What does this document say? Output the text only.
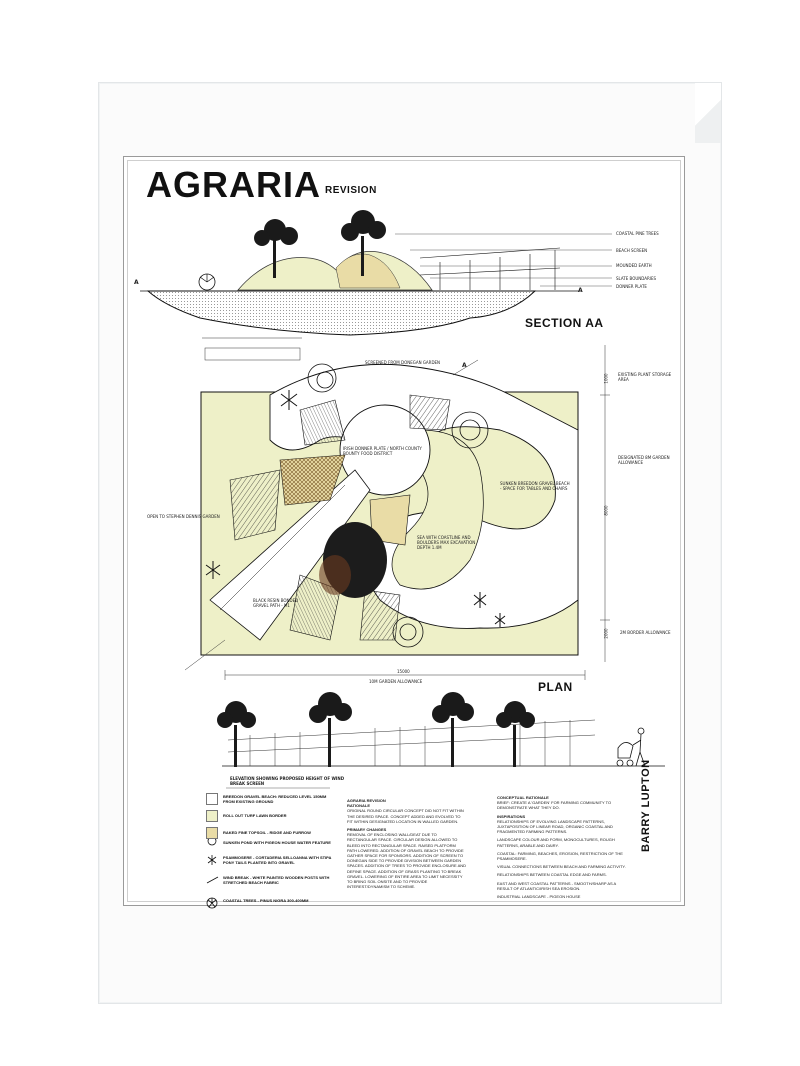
AGRARIA REVISION
A
A
COASTAL PINE TREES
BEACH SCREEN
MOUNDED EARTH
SLATE BOUNDARIES
DONNER PLATE
SECTION AA
SCREENED FROM DONEGAN GARDEN	A
EXISTING PLANT STORAGE AREA
IRISH DONNER PLATE / NORTH COUNTY BOUNTY FOOD DISTRICT
SUNKEN BREEDON GRAVEL BEACH - SPACE FOR TABLES AND CHAIRS
DESIGNATED 8M GARDEN ALLOWANCE
OPEN TO STEPHEN DENNIS GARDEN
SEA WITH COASTLINE AND BOULDERS MAX EXCAVATION DEPTH 1.4M
BLACK RESIN BONDED GRAVEL PATH - M1
2M BORDER ALLOWANCE
10M GARDEN ALLOWANCE
1000
8000
2000
15000
PLAN
ELEVATION SHOWING PROPOSED HEIGHT OF WIND BREAK SCREEN
BREEDON GRAVEL BEACH: REDUCED LEVEL 150MM FROM EXISTING GROUND
ROLL OUT TURF LAWN BORDER
RAKED FINE TOPSOIL - RIDGE AND FURROW
SUNKEN POND WITH PIGEON HOUSE WATER FEATURE
PSAMMOSERE - CORTADERIA SELLOANNA WITH STIPA PONY TAILS PLANTED INTO GRAVEL
WIND BREAK - WHITE PAINTED WOODEN POSTS WITH STRETCHED BEACH FABRIC
COASTAL TREES - PINUS NIGRA 300-400MM
AGRARIA REVISION
RATIONALE
ORIGINAL ROUND CIRCULAR CONCEPT DID NOT FIT WITHIN THE DESIRED SPACE. CONCEPT ADDED AND EVOLVED TO FIT WITHIN DESIGNATED LOCATION IN WALLED GARDEN.
PRIMARY CHANGES
REMOVAL OF ENCLOSING WALL/DEAT DUE TO RECTANGULAR SPACE. CIRCULAR DESIGN ALLOWED TO BLEED INTO RECTANGULAR SPACE. RAISED PLATFORM PATH LOWERED. ADDITION OF GRAVEL BEACH TO PROVIDE GATHER SPACE FOR SPONSORS. ADDITION OF SCREEN TO DONEGAN SIDE TO PROVIDE DIVISION BETWEEN GARDEN SPACES. ADDITION OF TREES TO PROVIDE ENCLOSURE AND DEFINE SPACE. ADDITION OF GRASS PLANTING TO BREAK GRAVEL. LOWERING OF ENTIRE AREA TO LIMIT NECESSITY TO BRING SOIL ONSITE AND TO PROVIDE INTEREST/DYNAMISM TO SCHEME.
CONCEPTUAL RATIONALE
BRIEF: CREATE A 'GARDEN' FOR FARMING COMMUNITY TO DEMONSTRATE WHAT THEY DO.
INSPIRATIONS
RELATIONSHIPS OF EVOLVING LANDSCAPE PATTERNS, JUXTAPOSITION OF LINEAR ROAD, ORGANIC COASTAL AND FRAGMENTED FARMING PATTERNS.
LANDSCAPE COLOUR AND FORM, MONOCULTURES, ROUGH PATTERNS, ARABLE AND DAIRY.
COASTAL: FARMING, BEACHES, EROSION, RESTRICTION OF THE PSAMMOSERE.
VISUAL CONNECTIONS BETWEEN BEACH AND FARMING ACTIVITY.
RELATIONSHIPS BETWEEN COASTAL EDGE AND FARMS.
EAST AND WEST COASTAL PATTERNS - SMOOTH/SHARP AS A RESULT OF ATLANTIC/IRISH SEA EROSION.
INDUSTRIAL LANDSCAPE - PIGEON HOUSE
BARRY LUPTON
